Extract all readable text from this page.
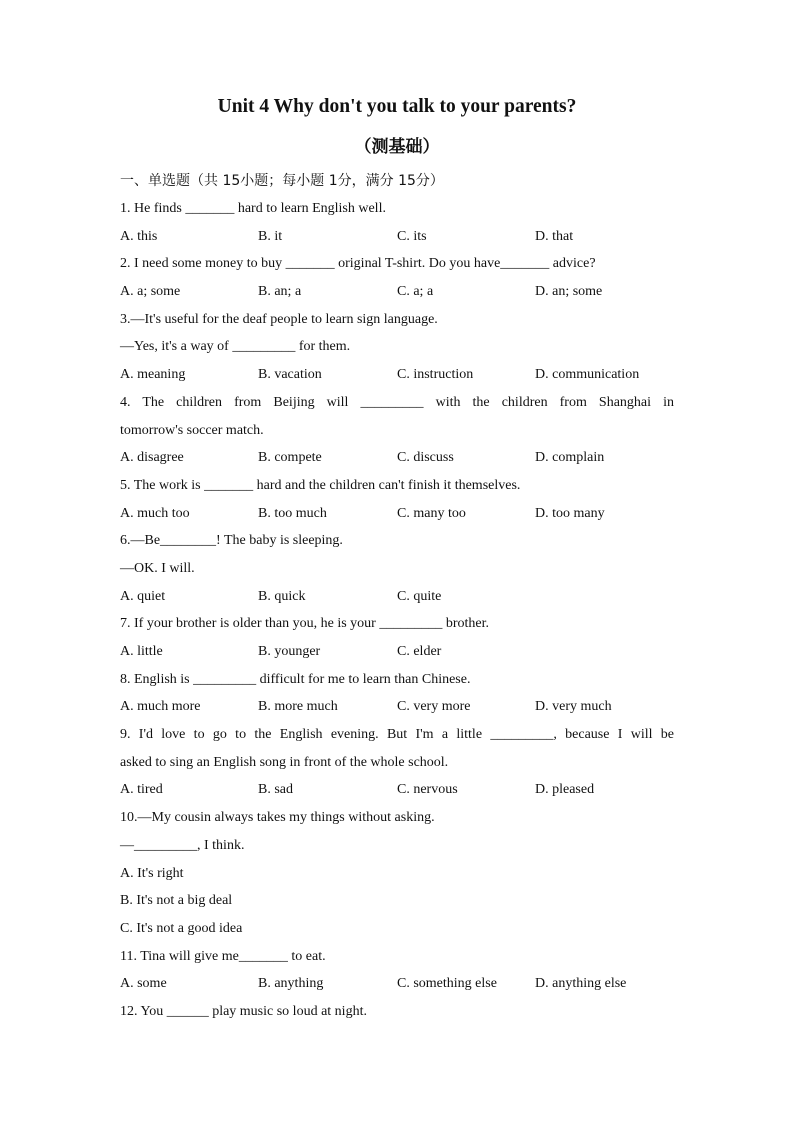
Unit 4 Why don't you talk to your parents?
（测基础）
一、单选题（共 15小题；每小题 1分，满分 15分）
1. He finds _______ hard to learn English well.
A. this	B. it	C. its	D. that
2. I need some money to buy _______ original T-shirt. Do you have_______ advice?
A. a; some	B. an; a	C. a; a	D. an; some
3.—It's useful for the deaf people to learn sign language.
—Yes, it's a way of _________ for them.
A. meaning	B. vacation	C. instruction	D. communication
4. The children from Beijing will _________ with the children from Shanghai in
tomorrow's soccer match.
A. disagree	B. compete	C. discuss	D. complain
5. The work is _______ hard and the children can't finish it themselves.
A. much too	B. too much	C. many too	D. too many
6.—Be________! The baby is sleeping.
—OK. I will.
A. quiet	B. quick	C. quite
7. If your brother is older than you, he is your _________ brother.
A. little	B. younger	C. elder
8. English is _________ difficult for me to learn than Chinese.
A. much more	B. more much	C. very more	D. very much
9. I'd love to go to the English evening. But I'm a little _________, because I will be
asked to sing an English song in front of the whole school.
A. tired	B. sad	C. nervous	D. pleased
10.—My cousin always takes my things without asking.
—_________, I think.
A. It's right
B. It's not a big deal
C. It's not a good idea
11. Tina will give me_______ to eat.
A. some	B. anything	C. something else	D. anything else
12. You ______ play music so loud at night.
